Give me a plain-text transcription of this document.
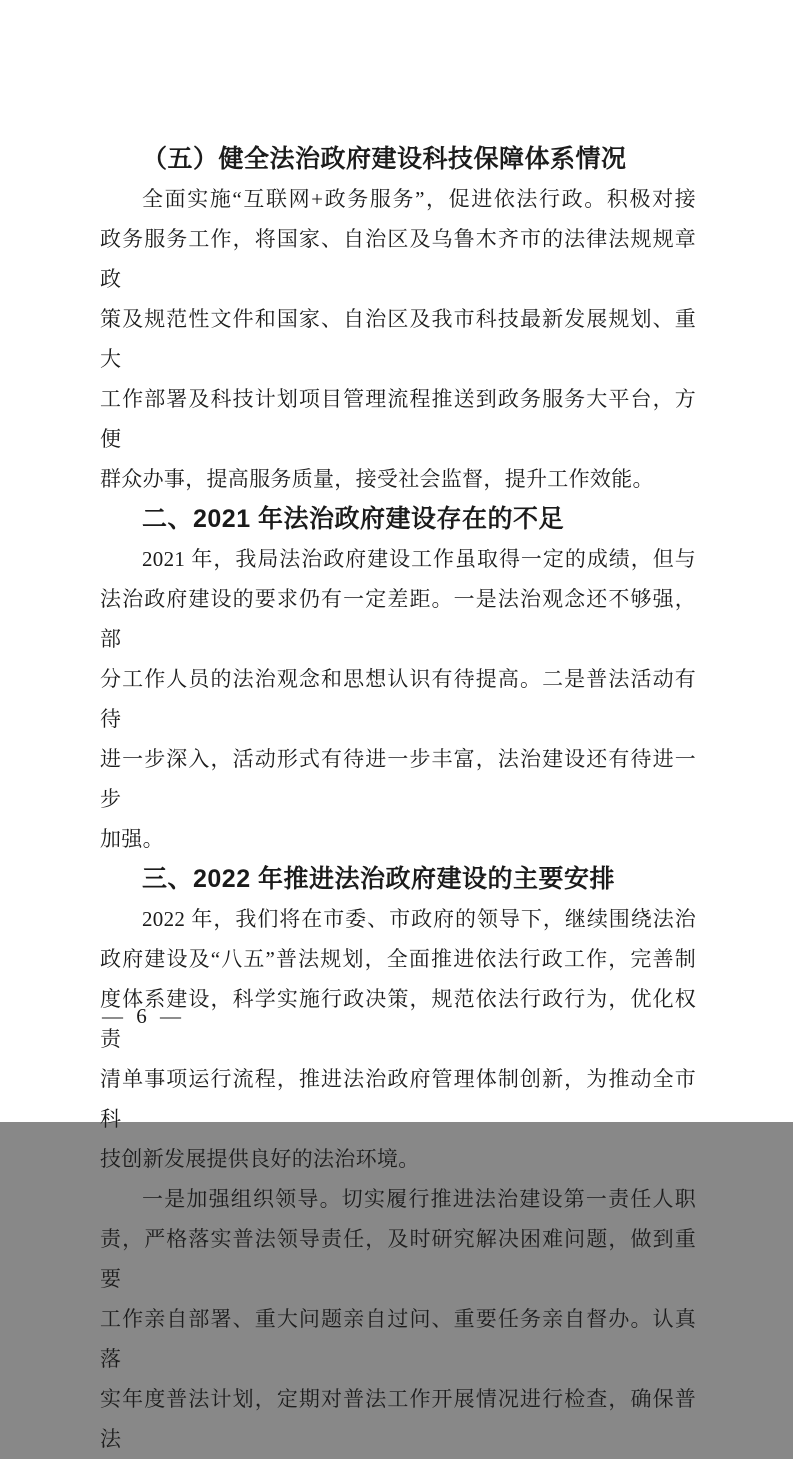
（五）健全法治政府建设科技保障体系情况

全面实施“互联网+政务服务”，促进依法行政。积极对接
政务服务工作，将国家、自治区及乌鲁木齐市的法律法规规章政
策及规范性文件和国家、自治区及我市科技最新发展规划、重大
工作部署及科技计划项目管理流程推送到政务服务大平台，方便
群众办事，提高服务质量，接受社会监督，提升工作效能。

二、2021 年法治政府建设存在的不足

2021 年，我局法治政府建设工作虽取得一定的成绩，但与
法治政府建设的要求仍有一定差距。一是法治观念还不够强，部
分工作人员的法治观念和思想认识有待提高。二是普法活动有待
进一步深入，活动形式有待进一步丰富，法治建设还有待进一步
加强。

三、2022 年推进法治政府建设的主要安排

2022 年，我们将在市委、市政府的领导下，继续围绕法治
政府建设及“八五”普法规划，全面推进依法行政工作，完善制
度体系建设，科学实施行政决策，规范依法行政行为，优化权责
清单事项运行流程，推进法治政府管理体制创新，为推动全市科
技创新发展提供良好的法治环境。

一是加强组织领导。切实履行推进法治建设第一责任人职
责，严格落实普法领导责任，及时研究解决困难问题，做到重要
工作亲自部署、重大问题亲自过问、重要任务亲自督办。认真落
实年度普法计划，定期对普法工作开展情况进行检查，确保普法

— 6 —
